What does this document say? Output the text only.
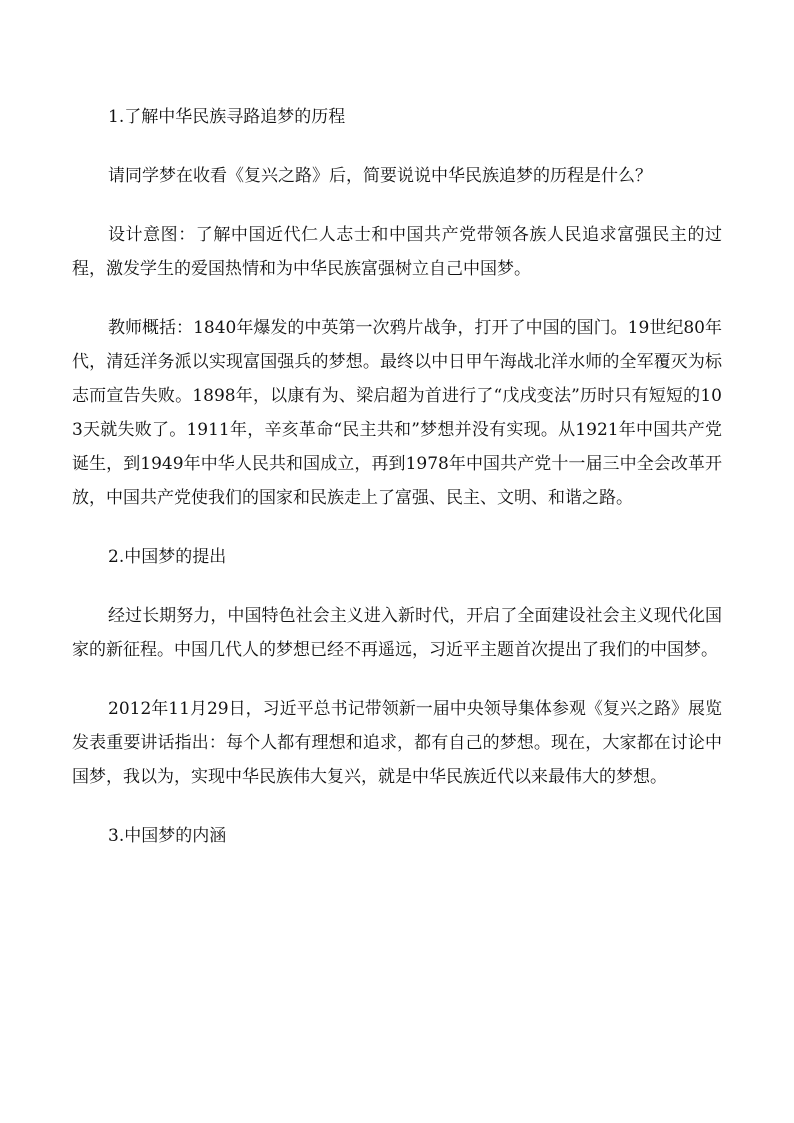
1.了解中华民族寻路追梦的历程

请同学梦在收看《复兴之路》后，简要说说中华民族追梦的历程是什么？

设计意图：了解中国近代仁人志士和中国共产党带领各族人民追求富强民主的过程，激发学生的爱国热情和为中华民族富强树立自己中国梦。

教师概括：1840年爆发的中英第一次鸦片战争，打开了中国的国门。19世纪80年代，清廷洋务派以实现富国强兵的梦想。最终以中日甲午海战北洋水师的全军覆灭为标志而宣告失败。1898年，以康有为、梁启超为首进行了“戊戌变法”历时只有短短的103天就失败了。1911年，辛亥革命“民主共和”梦想并没有实现。从1921年中国共产党诞生，到1949年中华人民共和国成立，再到1978年中国共产党十一届三中全会改革开放，中国共产党使我们的国家和民族走上了富强、民主、文明、和谐之路。

2.中国梦的提出

经过长期努力，中国特色社会主义进入新时代，开启了全面建设社会主义现代化国家的新征程。中国几代人的梦想已经不再遥远，习近平主题首次提出了我们的中国梦。

2012年11月29日，习近平总书记带领新一届中央领导集体参观《复兴之路》展览发表重要讲话指出：每个人都有理想和追求，都有自己的梦想。现在，大家都在讨论中国梦，我以为，实现中华民族伟大复兴，就是中华民族近代以来最伟大的梦想。

3.中国梦的内涵
